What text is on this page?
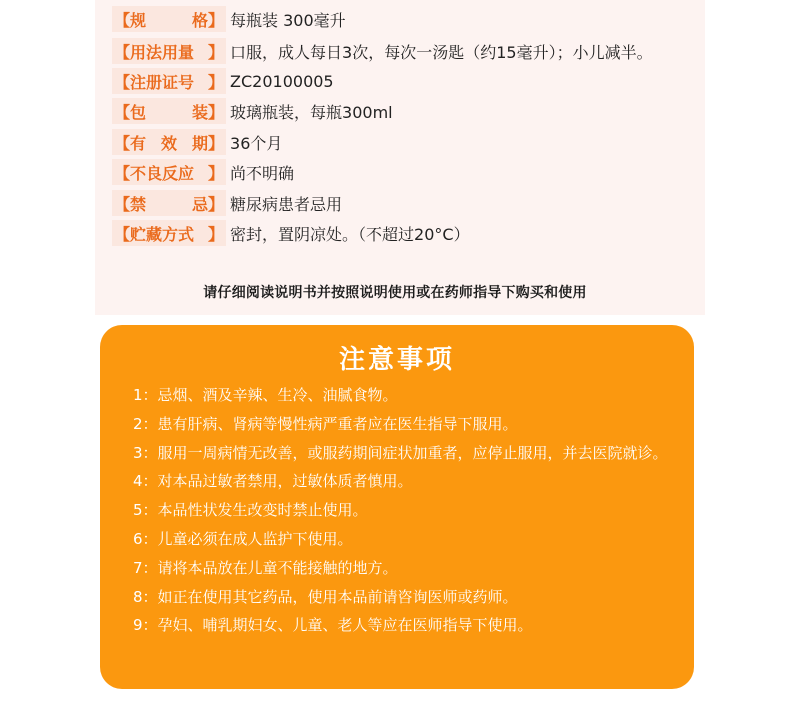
【 规格 】 每瓶装 300毫升
【 用法用量 】 口服，成人每日3次，每次一汤匙（约15毫升）；小儿减半。
【 注册证号 】 ZC20100005
【 包装 】 玻璃瓶装，每瓶300ml
【 有效期 】 36个月
【 不良反应 】 尚不明确
【 禁忌 】 糖尿病患者忌用
【 贮藏方式 】 密封，置阴凉处。（不超过20°C）
请仔细阅读说明书并按照说明使用或在药师指导下购买和使用
注意事项
1：忌烟、酒及辛辣、生冷、油腻食物。
2：患有肝病、肾病等慢性病严重者应在医生指导下服用。
3：服用一周病情无改善，或服药期间症状加重者，应停止服用，并去医院就诊。
4：对本品过敏者禁用，过敏体质者慎用。
5：本品性状发生改变时禁止使用。
6：儿童必须在成人监护下使用。
7：请将本品放在儿童不能接触的地方。
8：如正在使用其它药品，使用本品前请咨询医师或药师。
9：孕妇、哺乳期妇女、儿童、老人等应在医师指导下使用。
